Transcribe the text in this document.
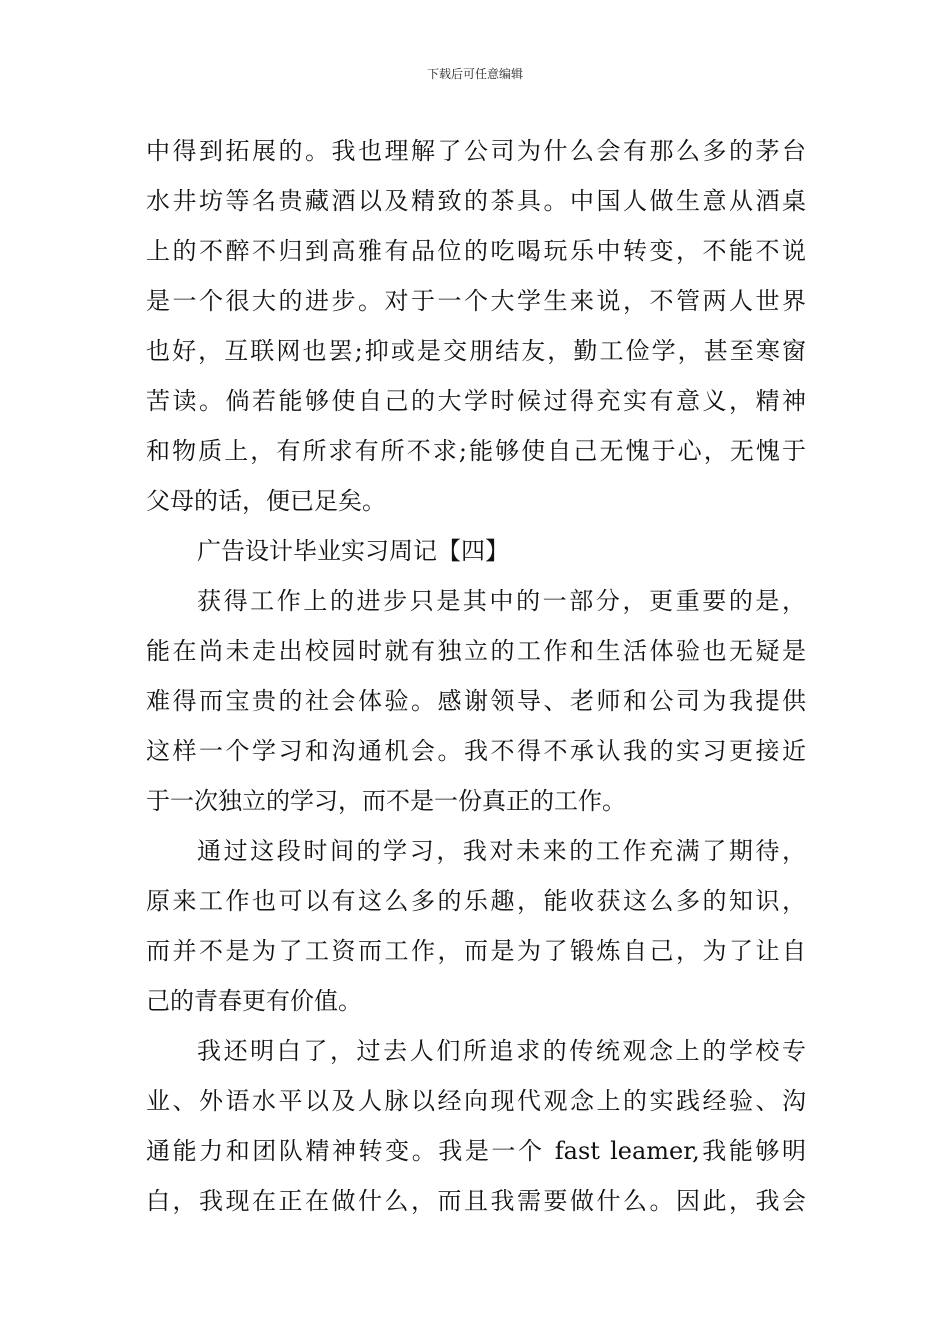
下载后可任意编辑
中得到拓展的。我也理解了公司为什么会有那么多的茅台
水井坊等名贵藏酒以及精致的茶具。中国人做生意从酒桌
上的不醉不归到高雅有品位的吃喝玩乐中转变，不能不说
是一个很大的进步。对于一个大学生来说，不管两人世界
也好，互联网也罢;抑或是交朋结友，勤工俭学，甚至寒窗
苦读。倘若能够使自己的大学时候过得充实有意义，精神
和物质上，有所求有所不求;能够使自己无愧于心，无愧于
父母的话，便已足矣。
广告设计毕业实习周记【四】
获得工作上的进步只是其中的一部分，更重要的是，
能在尚未走出校园时就有独立的工作和生活体验也无疑是
难得而宝贵的社会体验。感谢领导、老师和公司为我提供
这样一个学习和沟通机会。我不得不承认我的实习更接近
于一次独立的学习，而不是一份真正的工作。
通过这段时间的学习，我对未来的工作充满了期待，
原来工作也可以有这么多的乐趣，能收获这么多的知识，
而并不是为了工资而工作，而是为了锻炼自己，为了让自
己的青春更有价值。
我还明白了，过去人们所追求的传统观念上的学校专
业、外语水平以及人脉以经向现代观念上的实践经验、沟
通能力和团队精神转变。我是一个 fast leamer,我能够明
白，我现在正在做什么，而且我需要做什么。因此，我会
